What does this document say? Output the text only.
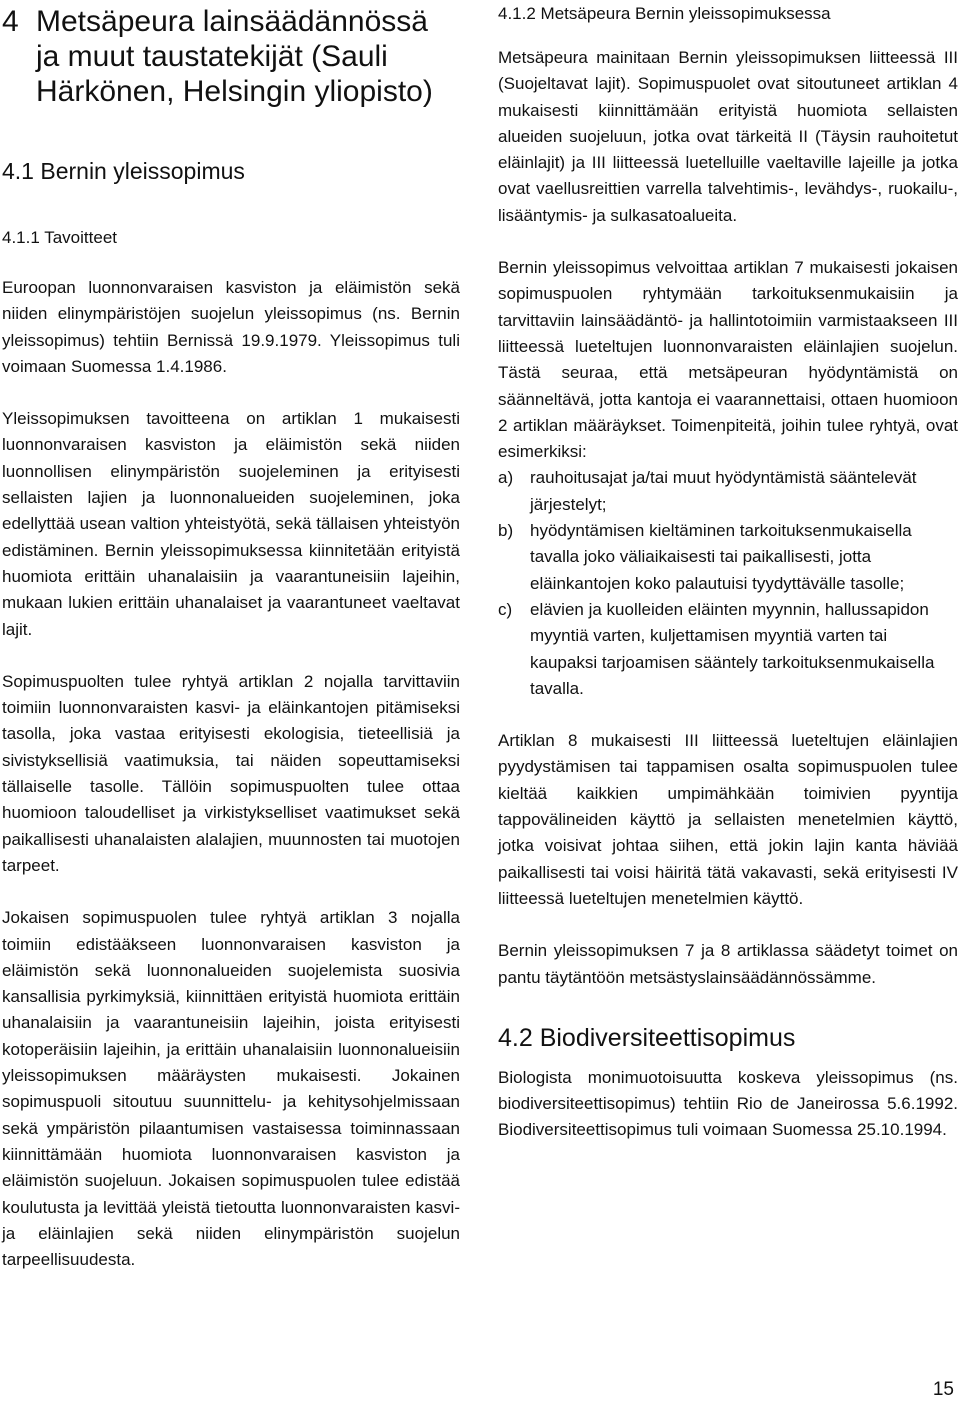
4 Metsäpeura lainsäädännössä
ja muut taustatekijät (Sauli
Härkönen, Helsingin yliopisto)
4.1 Bernin yleissopimus
4.1.1 Tavoitteet

Euroopan luonnonvaraisen kasviston ja eläimistön sekä niiden elinympäristöjen suojelun yleissopimus (ns. Bernin yleissopimus) tehtiin Bernissä 19.9.1979. Yleissopimus tuli voimaan Suomessa 1.4.1986.

Yleissopimuksen tavoitteena on artiklan 1 mukaisesti luonnonvaraisen kasviston ja eläimistön sekä niiden luonnollisen elinympäristön suojeleminen ja erityisesti sellaisten lajien ja luonnonalueiden suojeleminen, joka edellyttää usean valtion yhteistyötä, sekä tällaisen yhteistyön edistäminen. Bernin yleissopimuksessa kiinnitetään erityistä huomiota erittäin uhanalaisiin ja vaarantuneisiin lajeihin, mukaan lukien erittäin uhanalaiset ja vaarantuneet vaeltavat lajit.

Sopimuspuolten tulee ryhtyä artiklan 2 nojalla tarvittaviin toimiin luonnonvaraisten kasvi- ja eläinkantojen pitämiseksi tasolla, joka vastaa erityisesti ekologisia, tieteellisiä ja sivistyksellisiä vaatimuksia, tai näiden sopeuttamiseksi tällaiselle tasolle. Tällöin sopimuspuolten tulee ottaa huomioon taloudelliset ja virkistykselliset vaatimukset sekä paikallisesti uhanalaisten alalajien, muunnosten tai muotojen tarpeet.

Jokaisen sopimuspuolen tulee ryhtyä artiklan 3 nojalla toimiin edistääkseen luonnonvaraisen kasviston ja eläimistön sekä luonnonalueiden suojelemista suosivia kansallisia pyrkimyksiä, kiinnittäen erityistä huomiota erittäin uhanalaisiin ja vaarantuneisiin lajeihin, joista erityisesti kotoperäisiin lajeihin, ja erittäin uhanalaisiin luonnonalueisiin yleissopimuksen määräysten mukaisesti. Jokainen sopimuspuoli sitoutuu suunnittelu- ja kehitysohjelmissaan sekä ympäristön pilaantumisen vastaisessa toiminnassaan kiinnittämään huomiota luonnonvaraisen kasviston ja eläimistön suojeluun. Jokaisen sopimuspuolen tulee edistää koulutusta ja levittää yleistä tietoutta luonnonvaraisten kasvi- ja eläinlajien sekä niiden elinympäristön suojelun tarpeellisuudesta.

4.1.2 Metsäpeura Bernin yleissopimuksessa

Metsäpeura mainitaan Bernin yleissopimuksen liitteessä III (Suojeltavat lajit). Sopimuspuolet ovat sitoutuneet artiklan 4 mukaisesti kiinnittämään erityistä huomiota sellaisten alueiden suojeluun, jotka ovat tärkeitä II (Täysin rauhoitetut eläinlajit) ja III liitteessä luetelluille vaeltaville lajeille ja jotka ovat vaellusreittien varrella talvehtimis-, levähdys-, ruokailu-, lisääntymis- ja sulkasatoalueita.

Bernin yleissopimus velvoittaa artiklan 7 mukaisesti jokaisen sopimuspuolen ryhtymään tarkoituksenmukaisiin ja tarvittaviin lainsäädäntö- ja hallintotoimiin varmistaakseen III liitteessä lueteltujen luonnonvaraisten eläinlajien suojelun. Tästä seuraa, että metsäpeuran hyödyntämistä on säänneltävä, jotta kantoja ei vaarannettaisi, ottaen huomioon 2 artiklan määräykset. Toimenpiteitä, joihin tulee ryhtyä, ovat esimerkiksi:

a) rauhoitusajat ja/tai muut hyödyntämistä sääntelevät järjestelyt;
b) hyödyntämisen kieltäminen tarkoituksenmukaisella tavalla joko väliaikaisesti tai paikallisesti, jotta eläinkantojen koko palautuisi tyydyttävälle tasolle;
c) elävien ja kuolleiden eläinten myynnin, hallussapidon myyntiä varten, kuljettamisen myyntiä varten tai kaupaksi tarjoamisen sääntely tarkoituksenmukaisella tavalla.

Artiklan 8 mukaisesti III liitteessä lueteltujen eläinlajien pyydystämisen tai tappamisen osalta sopimuspuolen tulee kieltää kaikkien umpimähkään toimivien pyyntija tappovälineiden käyttö ja sellaisten menetelmien käyttö, jotka voisivat johtaa siihen, että jokin lajin kanta häviää paikallisesti tai voisi häiritä tätä vakavasti, sekä erityisesti IV liitteessä lueteltujen menetelmien käyttö.

Bernin yleissopimuksen 7 ja 8 artiklassa säädetyt toimet on pantu täytäntöön metsästyslainsäädännössämme.

4.2 Biodiversiteettisopimus

Biologista monimuotoisuutta koskeva yleissopimus (ns. biodiversiteettisopimus) tehtiin Rio de Janeirossa 5.6.1992. Biodiversiteettisopimus tuli voimaan Suomessa 25.10.1994.

15
